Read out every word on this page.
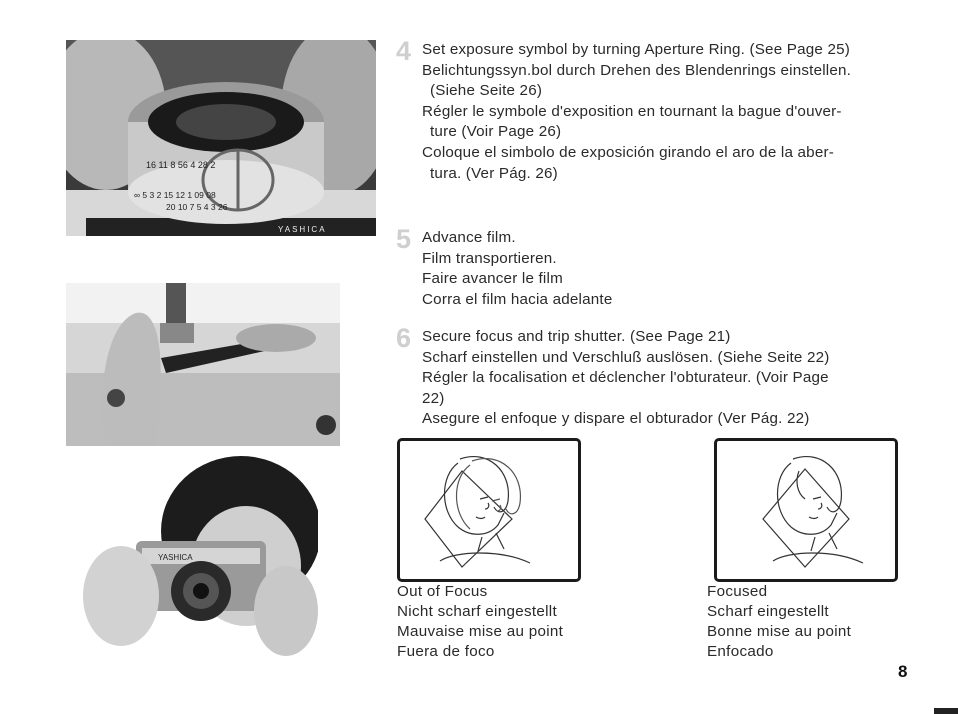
16 11 8 56 4 28 2
∞ 5 3 2 15 12 1 09 08
20 10 7 5 4 3 26
YASHICA
YASHICA
4 Set exposure symbol by turning Aperture Ring. (See Page 25)
Belichtungssyn.bol durch Drehen des Blendenrings einstellen.
(Siehe Seite 26)
Régler le symbole d'exposition en tournant la bague d'ouver-
ture (Voir Page 26)
Coloque el simbolo de exposición girando el aro de la aber-
tura. (Ver Pág. 26)
5 Advance film.
Film transportieren.
Faire avancer le film
Corra el film hacia adelante
6 Secure focus and trip shutter. (See Page 21)
Scharf einstellen und Verschluß auslösen. (Siehe Seite 22)
Régler la focalisation et déclencher l'obturateur. (Voir Page
22)
Asegure el enfoque y dispare el obturador (Ver Pág. 22)
Out of Focus
Nicht scharf eingestellt
Mauvaise mise au point
Fuera de foco
Focused
Scharf eingestellt
Bonne mise au point
Enfocado
8
